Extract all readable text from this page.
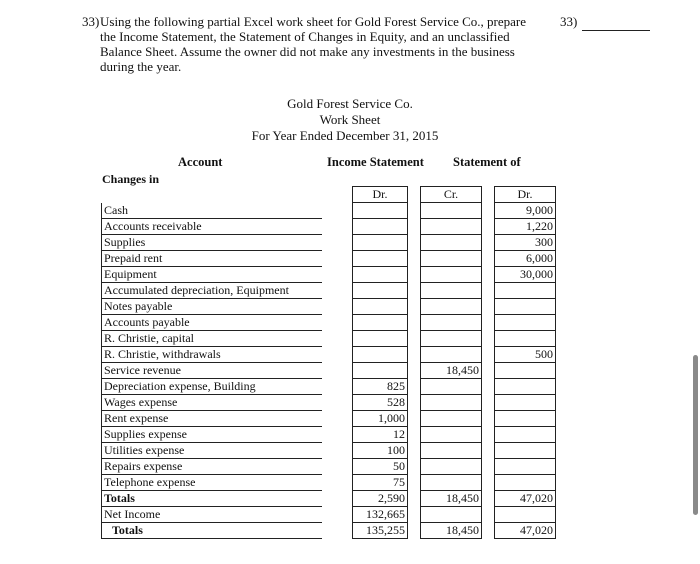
33) Using the following partial Excel work sheet for Gold Forest Service Co., prepare the Income Statement, the Statement of Changes in Equity, and an unclassified Balance Sheet. Assume the owner did not make any investments in the business during the year.
33)
Gold Forest Service Co.
Work Sheet
For Year Ended December 31, 2015
Account	Income Statement Statement of
Changes in
		Dr.		Cr.		Dr.
Cash						9,000
Accounts receivable						1,220
Supplies						300
Prepaid rent						6,000
Equipment						30,000
Accumulated depreciation, Equipment						
Notes payable						
Accounts payable						
R. Christie, capital						
R. Christie, withdrawals						500
Service revenue				18,450		
Depreciation expense, Building		825				
Wages expense		528				
Rent expense		1,000				
Supplies expense		12				
Utilities expense		100				
Repairs expense		50				
Telephone expense		75				
Totals		2,590		18,450		47,020
Net Income		132,665				
Totals		135,255		18,450		47,020
